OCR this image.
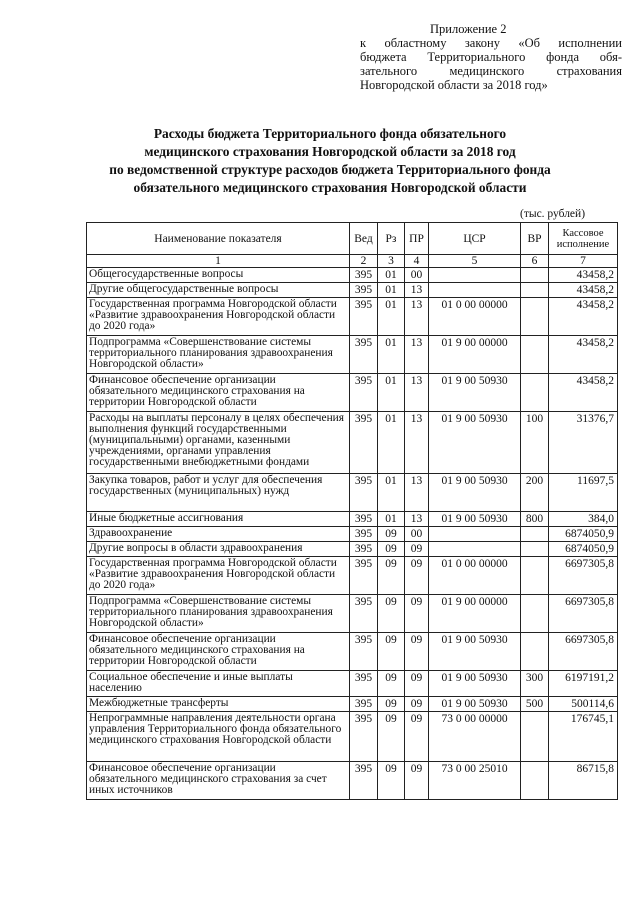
Приложение 2
к областному закону «Об исполнении
бюджета Территориального фонда обя-
зательного медицинского страхования
Новгородской области за 2018 год»
Расходы бюджета Территориального фонда обязательного
медицинского страхования Новгородской области за 2018 год
по ведомственной структуре расходов бюджета Территориального фонда
обязательного медицинского страхования Новгородской области
(тыс. рублей)
Наименование показателя	Вед	Рз	ПР	ЦСР	ВР	Кассовое исполнение
1	2	3	4	5	6	7
Общегосударственные вопросы	395	01	00			43458,2
Другие общегосударственные вопросы	395	01	13			43458,2
Государственная программа Новгородской области «Развитие здравоохранения Новгородской области до 2020 года»	395	01	13	01 0 00 00000		43458,2
Подпрограмма «Совершенствование системы территориального планирования здравоохранения Новгородской области»	395	01	13	01 9 00 00000		43458,2
Финансовое обеспечение организации обязательного медицинского страхования на территории Новгородской области	395	01	13	01 9 00 50930		43458,2
Расходы на выплаты персоналу в целях обеспечения выполнения функций государственными (муниципальными) органами, казенными учреждениями, органами управления государственными внебюджетными фондами	395	01	13	01 9 00 50930	100	31376,7
Закупка товаров, работ и услуг для обеспечения государственных (муниципальных) нужд	395	01	13	01 9 00 50930	200	11697,5
Иные бюджетные ассигнования	395	01	13	01 9 00 50930	800	384,0
Здравоохранение	395	09	00			6874050,9
Другие вопросы в области здравоохранения	395	09	09			6874050,9
Государственная программа Новгородской области «Развитие здравоохранения Новгородской области до 2020 года»	395	09	09	01 0 00 00000		6697305,8
Подпрограмма «Совершенствование системы территориального планирования здравоохранения Новгородской области»	395	09	09	01 9 00 00000		6697305,8
Финансовое обеспечение организации обязательного медицинского страхования на территории Новгородской области	395	09	09	01 9 00 50930		6697305,8
Социальное обеспечение и иные выплаты населению	395	09	09	01 9 00 50930	300	6197191,2
Межбюджетные трансферты	395	09	09	01 9 00 50930	500	500114,6
Непрограммные направления деятельности органа управления Территориального фонда обязательного медицинского страхования Новгородской области	395	09	09	73 0 00 00000		176745,1
Финансовое обеспечение организации обязательного медицинского страхования за счет иных источников	395	09	09	73 0 00 25010		86715,8
